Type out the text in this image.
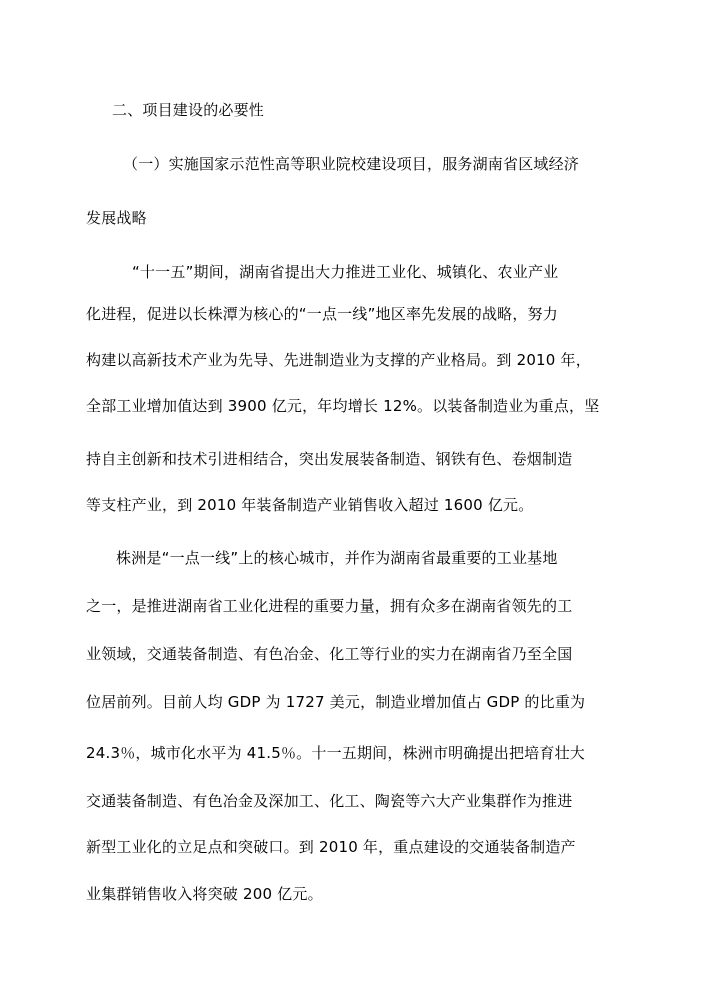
二、项目建设的必要性
（一）实施国家示范性高等职业院校建设项目，服务湖南省区域经济
发展战略
“十一五”期间，湖南省提出大力推进工业化、城镇化、农业产业
化进程，促进以长株潭为核心的“一点一线”地区率先发展的战略，努力
构建以高新技术产业为先导、先进制造业为支撑的产业格局。到 2010 年，
全部工业增加值达到 3900 亿元，年均增长 12%。以装备制造业为重点，坚
持自主创新和技术引进相结合，突出发展装备制造、钢铁有色、卷烟制造
等支柱产业，到 2010 年装备制造产业销售收入超过 1600 亿元。
株洲是“一点一线”上的核心城市，并作为湖南省最重要的工业基地
之一，是推进湖南省工业化进程的重要力量，拥有众多在湖南省领先的工
业领域，交通装备制造、有色冶金、化工等行业的实力在湖南省乃至全国
位居前列。目前人均 GDP 为 1727 美元，制造业增加值占 GDP 的比重为
24.3％，城市化水平为 41.5％。十一五期间，株洲市明确提出把培育壮大
交通装备制造、有色冶金及深加工、化工、陶瓷等六大产业集群作为推进
新型工业化的立足点和突破口。到 2010 年，重点建设的交通装备制造产
业集群销售收入将突破 200 亿元。
